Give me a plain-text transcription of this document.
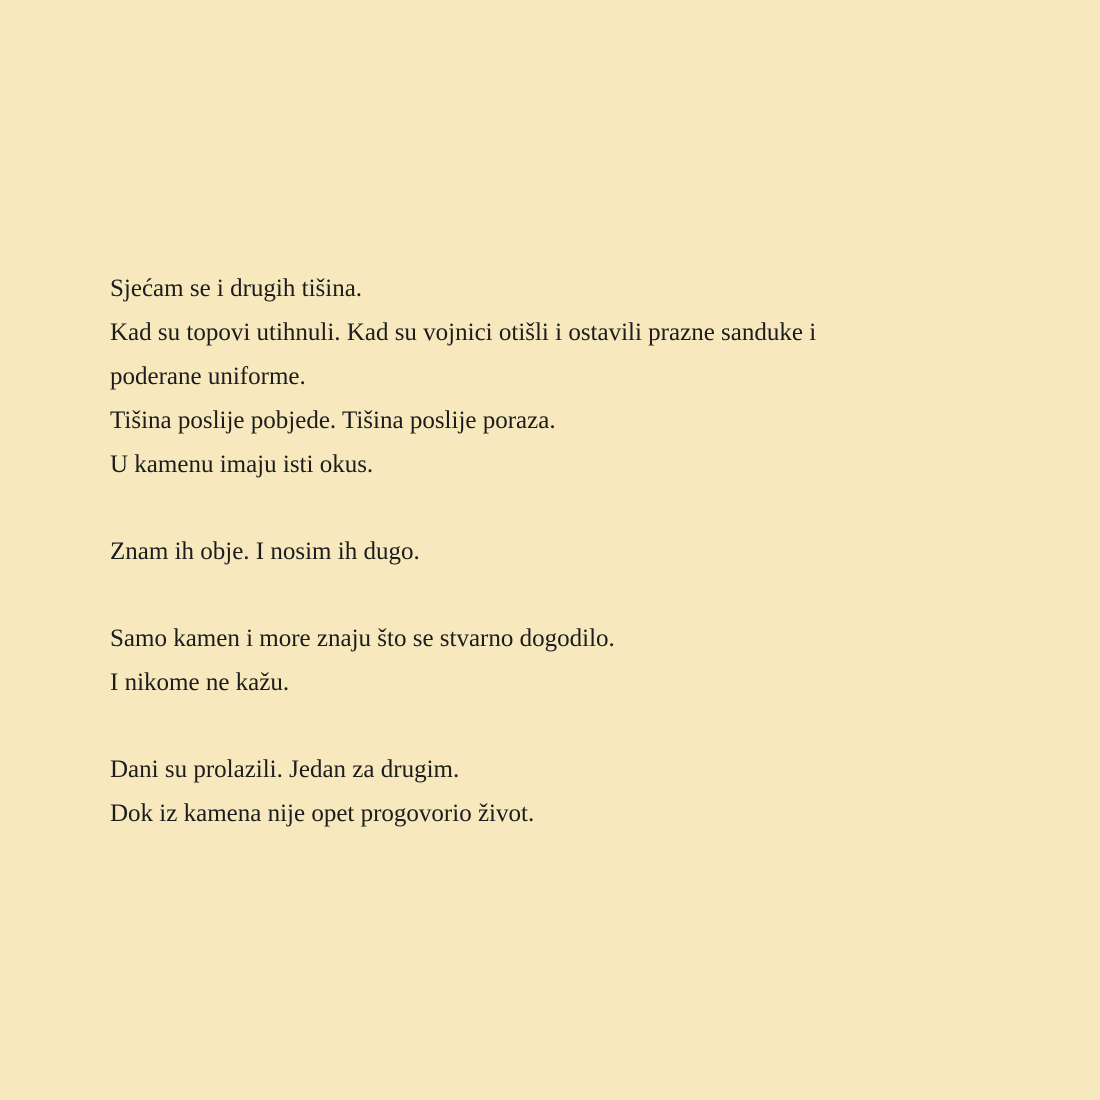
Sjećam se i drugih tišina.
Kad su topovi utihnuli. Kad su vojnici otišli i ostavili prazne sanduke i
poderane uniforme.
Tišina poslije pobjede. Tišina poslije poraza.
U kamenu imaju isti okus.
Znam ih obje. I nosim ih dugo.
Samo kamen i more znaju što se stvarno dogodilo.
I nikome ne kažu.
Dani su prolazili. Jedan za drugim.
Dok iz kamena nije opet progovorio život.
